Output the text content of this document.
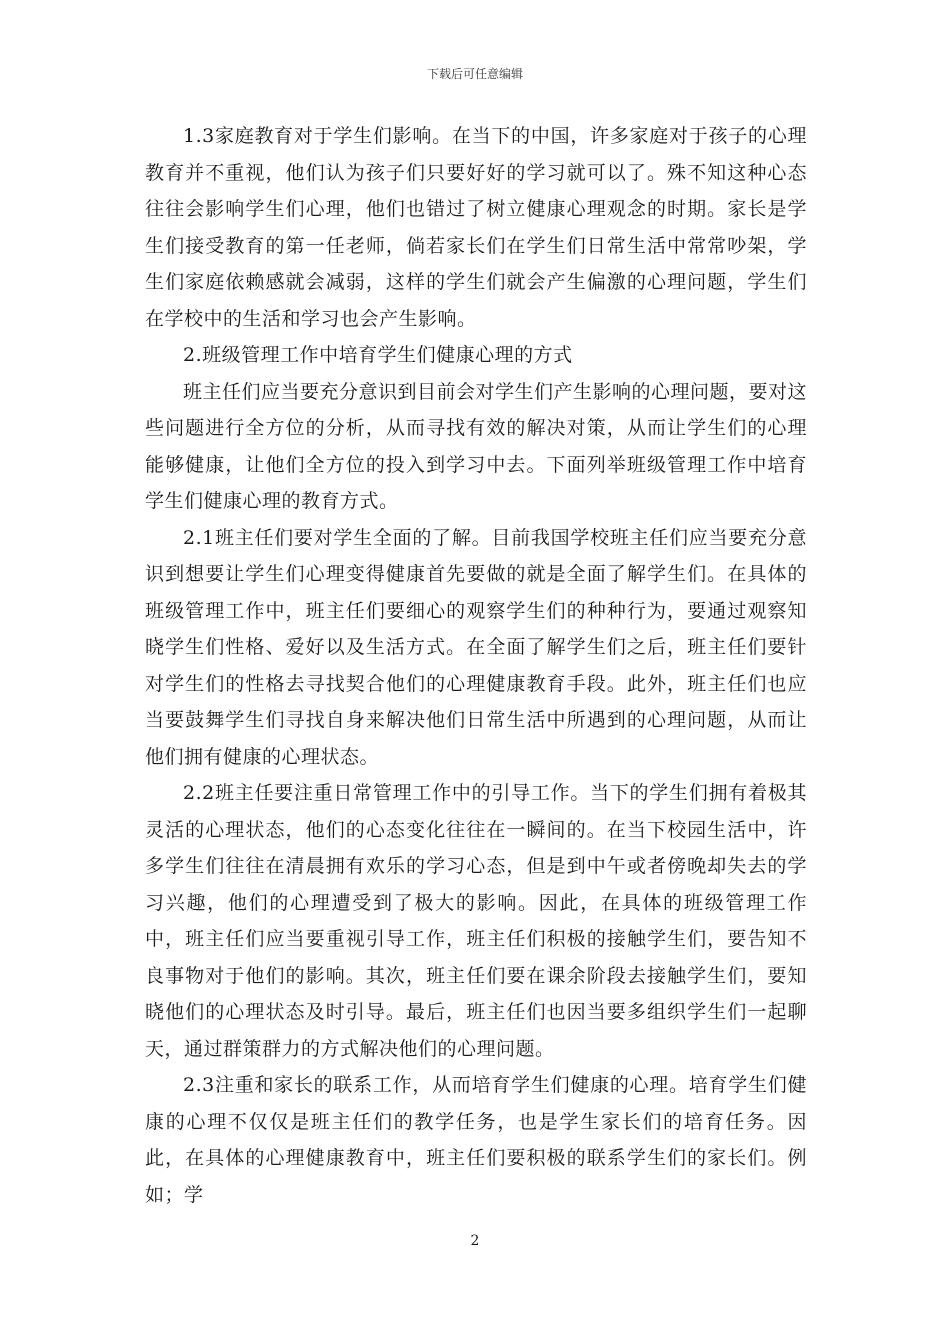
下载后可任意编辑

1.3家庭教育对于学生们影响。在当下的中国，许多家庭对于孩子的心理教育并不重视，他们认为孩子们只要好好的学习就可以了。殊不知这种心态往往会影响学生们心理，他们也错过了树立健康心理观念的时期。家长是学生们接受教育的第一任老师，倘若家长们在学生们日常生活中常常吵架，学生们家庭依赖感就会减弱，这样的学生们就会产生偏激的心理问题，学生们在学校中的生活和学习也会产生影响。

2.班级管理工作中培育学生们健康心理的方式

班主任们应当要充分意识到目前会对学生们产生影响的心理问题，要对这些问题进行全方位的分析，从而寻找有效的解决对策，从而让学生们的心理能够健康，让他们全方位的投入到学习中去。下面列举班级管理工作中培育学生们健康心理的教育方式。

2.1班主任们要对学生全面的了解。目前我国学校班主任们应当要充分意识到想要让学生们心理变得健康首先要做的就是全面了解学生们。在具体的班级管理工作中，班主任们要细心的观察学生们的种种行为，要通过观察知晓学生们性格、爱好以及生活方式。在全面了解学生们之后，班主任们要针对学生们的性格去寻找契合他们的心理健康教育手段。此外，班主任们也应当要鼓舞学生们寻找自身来解决他们日常生活中所遇到的心理问题，从而让他们拥有健康的心理状态。

2.2班主任要注重日常管理工作中的引导工作。当下的学生们拥有着极其灵活的心理状态，他们的心态变化往往在一瞬间的。在当下校园生活中，许多学生们往往在清晨拥有欢乐的学习心态，但是到中午或者傍晚却失去的学习兴趣，他们的心理遭受到了极大的影响。因此，在具体的班级管理工作中，班主任们应当要重视引导工作，班主任们积极的接触学生们，要告知不良事物对于他们的影响。其次，班主任们要在课余阶段去接触学生们，要知晓他们的心理状态及时引导。最后，班主任们也因当要多组织学生们一起聊天，通过群策群力的方式解决他们的心理问题。

2.3注重和家长的联系工作，从而培育学生们健康的心理。培育学生们健康的心理不仅仅是班主任们的教学任务，也是学生家长们的培育任务。因此，在具体的心理健康教育中，班主任们要积极的联系学生们的家长们。例如；学

2
